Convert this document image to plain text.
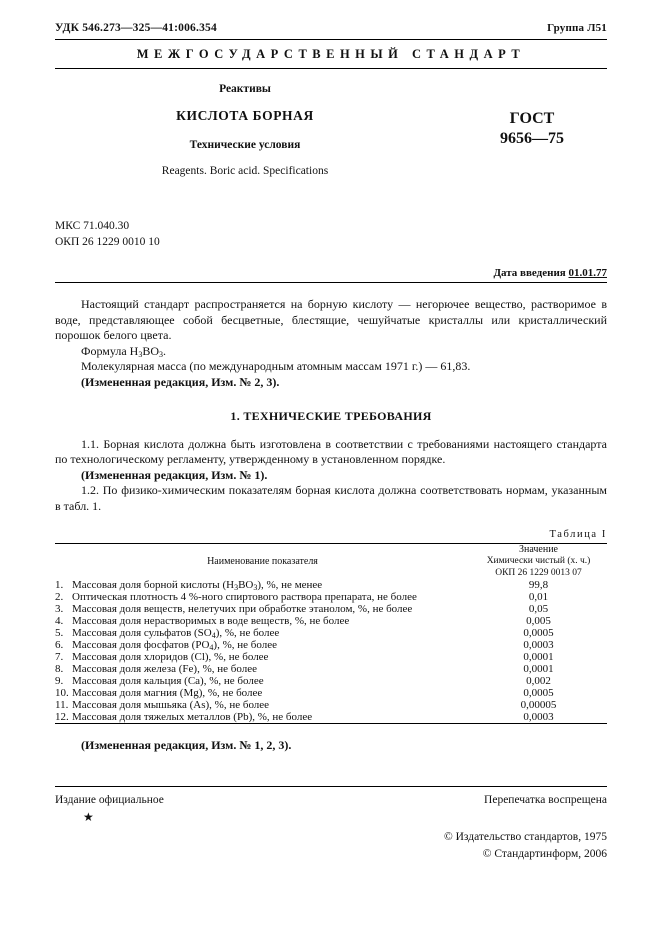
УДК 546.273—325—41:006.354	Группа Л51
МЕЖГОСУДАРСТВЕННЫЙ СТАНДАРТ
Реактивы
КИСЛОТА БОРНАЯ
Технические условия
Reagents. Boric acid. Specifications
ГОСТ
9656—75
МКС 71.040.30
ОКП 26 1229 0010 10
Дата введения 01.01.77

Настоящий стандарт распространяется на борную кислоту — негорючее вещество, растворимое в воде, представляющее собой бесцветные, блестящие, чешуйчатые кристаллы или кристаллический порошок белого цвета.

Формула $Н_3ВО_3$.

Молекулярная масса (по международным атомным массам 1971 г.) — 61,83.

(Измененная редакция, Изм. № 2, 3).

1. ТЕХНИЧЕСКИЕ ТРЕБОВАНИЯ

1.1. Борная кислота должна быть изготовлена в соответствии с требованиями настоящего стандарта по технологическому регламенту, утвержденному в установленном порядке.

(Измененная редакция, Изм. № 1).

1.2. По физико-химическим показателям борная кислота должна соответствовать нормам, указанным в табл. 1.

Таблица I
Наименование показателя	Значение

	Химически чистый (х. ч.)
ОКП 26 1229 0013 07

1. Массовая доля борной кислоты $(H_3BO_3)$, %, не менее	99,8
2. Оптическая плотность 4 %-ного спиртового раствора препарата, не более	0,01
3. Массовая доля веществ, нелетучих при обработке этанолом, %, не более	0,05
4. Массовая доля нерастворимых в воде веществ, %, не более	0,005
5. Массовая доля сульфатов $(SO_4)$, %, не более	0,0005
6. Массовая доля фосфатов $(PO_4)$, %, не более	0,0003
7. Массовая доля хлоридов (Cl), %, не более	0,0001
8. Массовая доля железа (Fe), %, не более	0,0001
9. Массовая доля кальция (Ca), %, не более	0,002
10. Массовая доля магния (Mg), %, не более	0,0005
11. Массовая доля мышьяка (As), %, не более	0,00005
12. Массовая доля тяжелых металлов (Pb), %, не более	0,0003
(Измененная редакция, Изм. № 1, 2, 3).
Издание официальное	Перепечатка воспрещена
★
© Издательство стандартов, 1975
© Стандартинформ, 2006
